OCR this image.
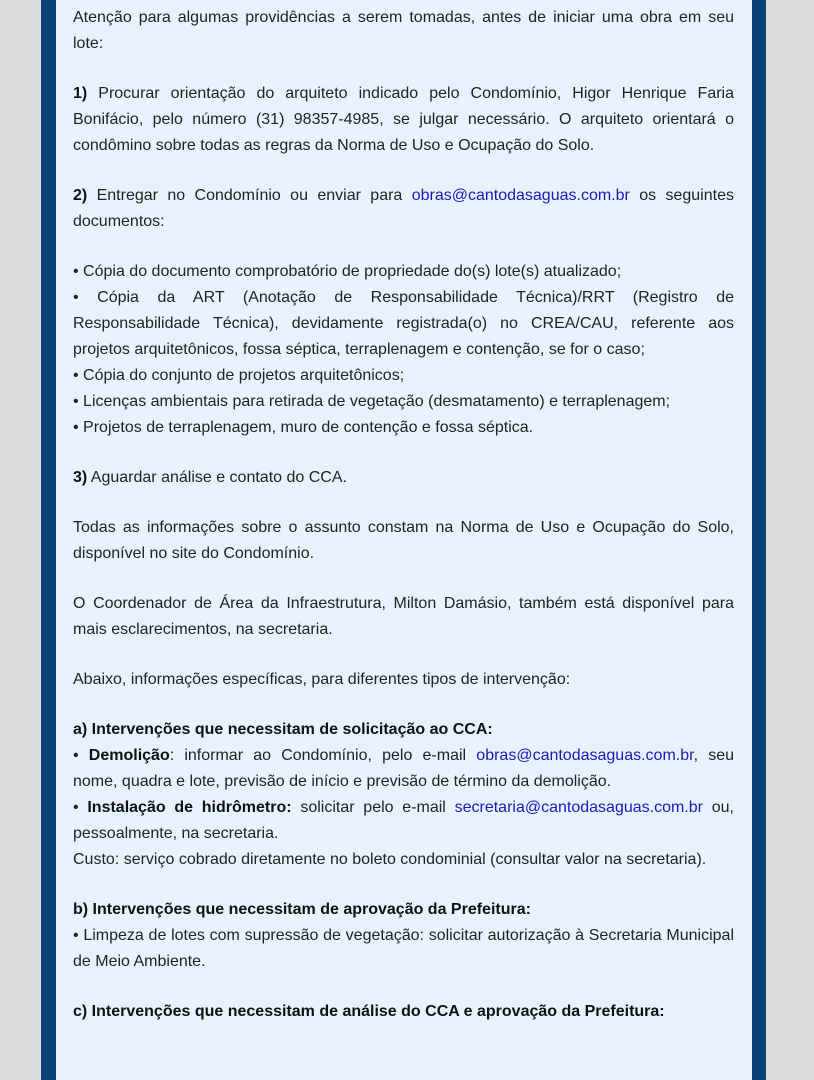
Atenção para algumas providências a serem tomadas, antes de iniciar uma obra em seu lote:

1) Procurar orientação do arquiteto indicado pelo Condomínio, Higor Henrique Faria Bonifácio, pelo número (31) 98357-4985, se julgar necessário. O arquiteto orientará o condômino sobre todas as regras da Norma de Uso e Ocupação do Solo.

2) Entregar no Condomínio ou enviar para obras@cantodasaguas.com.br os seguintes documentos:

• Cópia do documento comprobatório de propriedade do(s) lote(s) atualizado;

• Cópia da ART (Anotação de Responsabilidade Técnica)/RRT (Registro de Responsabilidade Técnica), devidamente registrada(o) no CREA/CAU, referente aos projetos arquitetônicos, fossa séptica, terraplenagem e contenção, se for o caso;

• Cópia do conjunto de projetos arquitetônicos;

• Licenças ambientais para retirada de vegetação (desmatamento) e terraplenagem;

• Projetos de terraplenagem, muro de contenção e fossa séptica.

3) Aguardar análise e contato do CCA.

Todas as informações sobre o assunto constam na Norma de Uso e Ocupação do Solo, disponível no site do Condomínio.

O Coordenador de Área da Infraestrutura, Milton Damásio, também está disponível para mais esclarecimentos, na secretaria.

Abaixo, informações específicas, para diferentes tipos de intervenção:

a) Intervenções que necessitam de solicitação ao CCA:

• Demolição: informar ao Condomínio, pelo e-mail obras@cantodasaguas.com.br, seu nome, quadra e lote, previsão de início e previsão de término da demolição.

• Instalação de hidrômetro: solicitar pelo e-mail secretaria@cantodasaguas.com.br ou, pessoalmente, na secretaria.

Custo: serviço cobrado diretamente no boleto condominial (consultar valor na secretaria).

b) Intervenções que necessitam de aprovação da Prefeitura:

• Limpeza de lotes com supressão de vegetação: solicitar autorização à Secretaria Municipal de Meio Ambiente.

c) Intervenções que necessitam de análise do CCA e aprovação da Prefeitura:
